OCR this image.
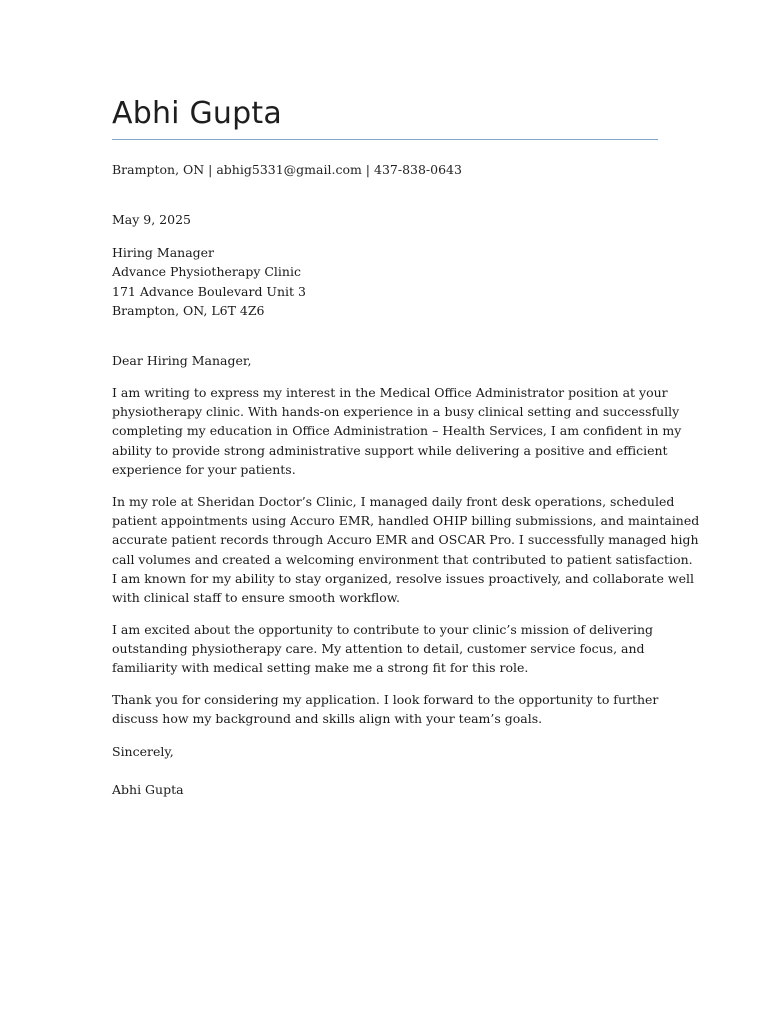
Abhi Gupta
Brampton, ON | abhig5331@gmail.com | 437-838-0643
May 9, 2025
Hiring Manager
Advance Physiotherapy Clinic
171 Advance Boulevard Unit 3
Brampton, ON, L6T 4Z6
Dear Hiring Manager,
I am writing to express my interest in the Medical Office Administrator position at your
physiotherapy clinic. With hands-on experience in a busy clinical setting and successfully
completing my education in Office Administration – Health Services, I am confident in my
ability to provide strong administrative support while delivering a positive and efficient
experience for your patients.
In my role at Sheridan Doctor’s Clinic, I managed daily front desk operations, scheduled
patient appointments using Accuro EMR, handled OHIP billing submissions, and maintained
accurate patient records through Accuro EMR and OSCAR Pro. I successfully managed high
call volumes and created a welcoming environment that contributed to patient satisfaction.
I am known for my ability to stay organized, resolve issues proactively, and collaborate well
with clinical staff to ensure smooth workflow.
I am excited about the opportunity to contribute to your clinic’s mission of delivering
outstanding physiotherapy care. My attention to detail, customer service focus, and
familiarity with medical setting make me a strong fit for this role.
Thank you for considering my application. I look forward to the opportunity to further
discuss how my background and skills align with your team’s goals.
Sincerely,
Abhi Gupta
